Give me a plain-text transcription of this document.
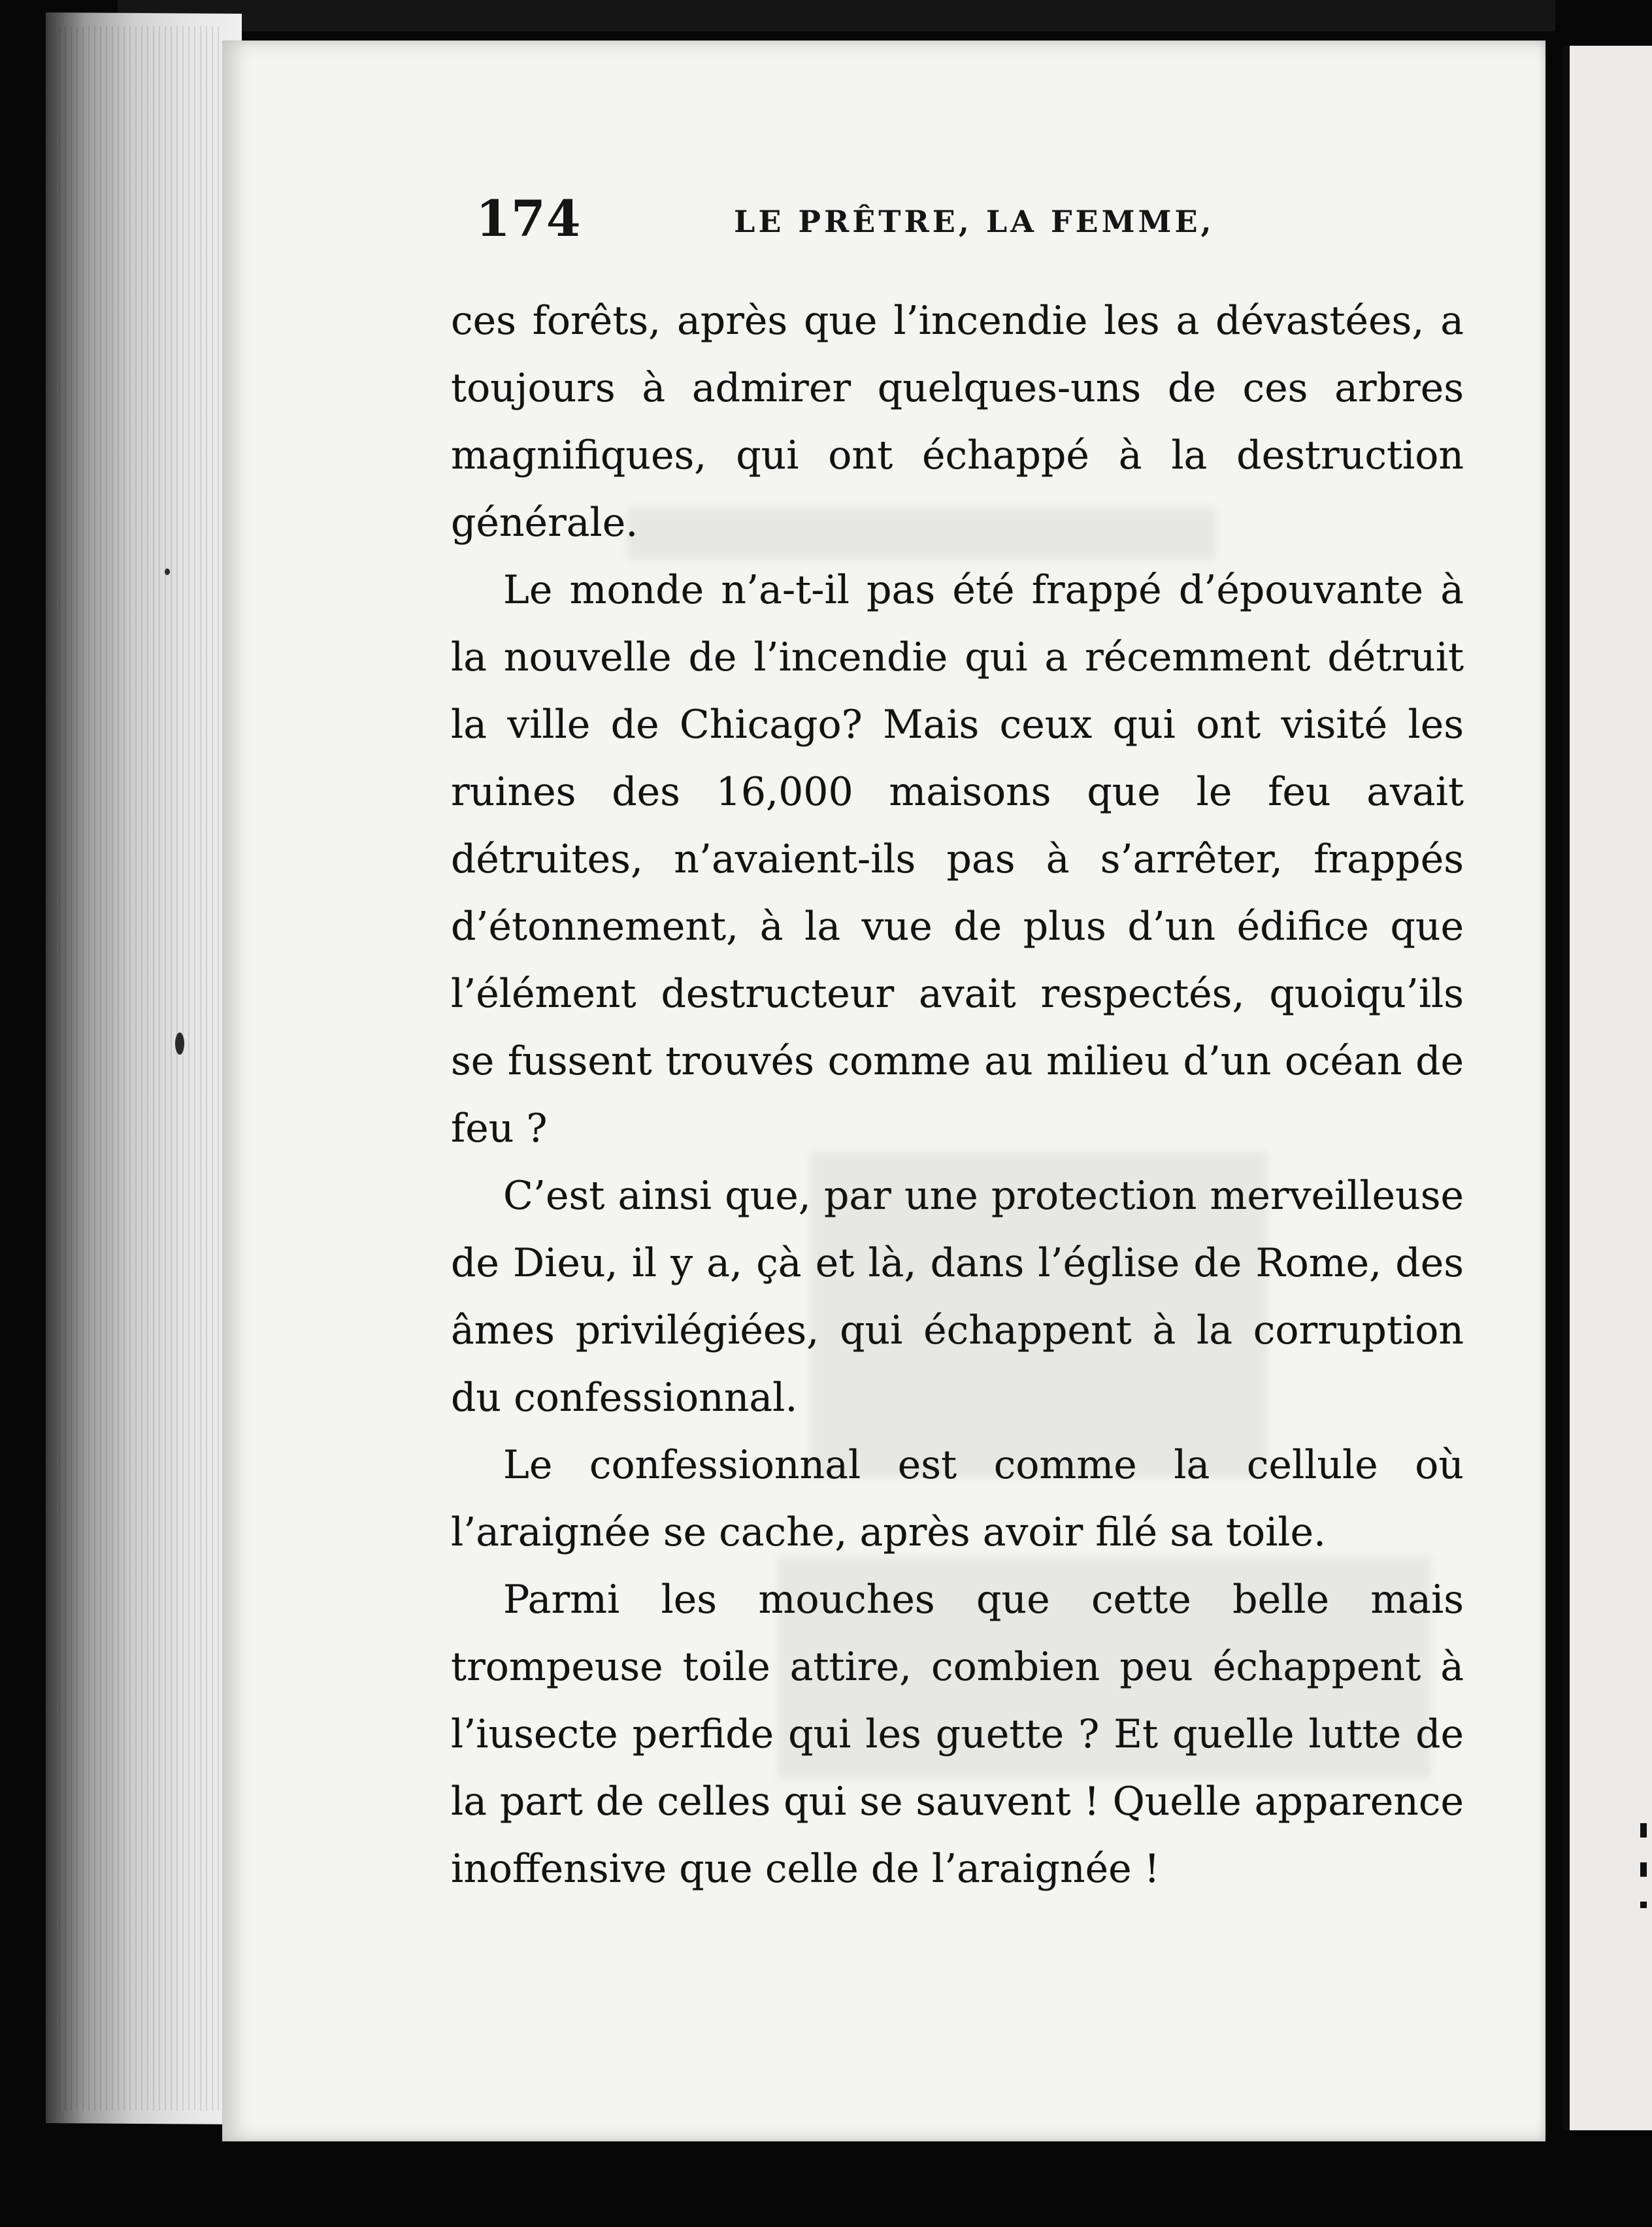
174	LE PRÊTRE, LA FEMME,

ces forêts, après que l’incendie les a dévastées, a toujours à admirer quelques-uns de ces arbres magnifiques, qui ont échappé à la destruction générale.

Le monde n’a-t-il pas été frappé d’épouvante à la nouvelle de l’incendie qui a récemment détruit la ville de Chicago? Mais ceux qui ont visité les ruines des 16,000 maisons que le feu avait détruites, n’avaient-ils pas à s’arrêter, frappés d’étonnement, à la vue de plus d’un édifice que l’élément destructeur avait respectés, quoiqu’ils se fussent trouvés comme au milieu d’un océan de feu ?

C’est ainsi que, par une protection merveilleuse de Dieu, il y a, çà et là, dans l’église de Rome, des âmes privilégiées, qui échappent à la corruption du confessionnal.

Le confessionnal est comme la cellule où l’araignée se cache, après avoir filé sa toile.

Parmi les mouches que cette belle mais trompeuse toile attire, combien peu échappent à l’iusecte perfide qui les guette ? Et quelle lutte de la part de celles qui se sauvent ! Quelle apparence inoffensive que celle de l’araignée !
